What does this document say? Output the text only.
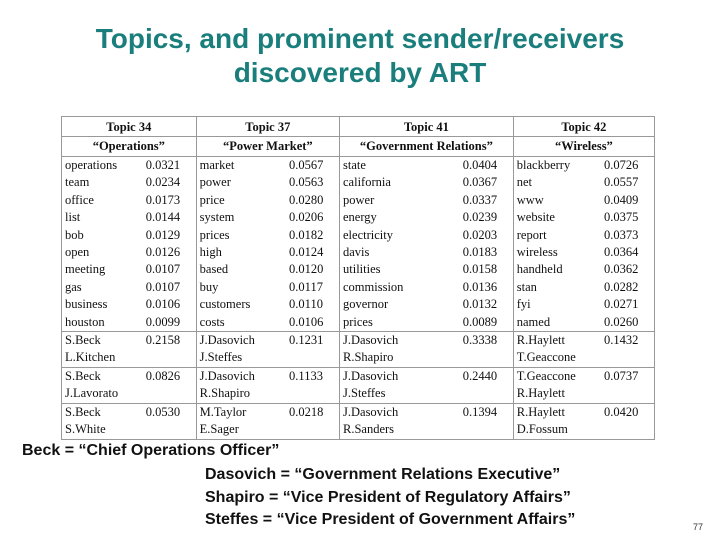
Topics, and prominent sender/receivers
discovered by ART
Topic 34		Topic 37		Topic 41		Topic 42	
“Operations”		“Power Market”		“Government Relations”		“Wireless”	
operations	0.0321	market	0.0567	state	0.0404	blackberry	0.0726
team	0.0234	power	0.0563	california	0.0367	net	0.0557
office	0.0173	price	0.0280	power	0.0337	www	0.0409
list	0.0144	system	0.0206	energy	0.0239	website	0.0375
bob	0.0129	prices	0.0182	electricity	0.0203	report	0.0373
open	0.0126	high	0.0124	davis	0.0183	wireless	0.0364
meeting	0.0107	based	0.0120	utilities	0.0158	handheld	0.0362
gas	0.0107	buy	0.0117	commission	0.0136	stan	0.0282
business	0.0106	customers	0.0110	governor	0.0132	fyi	0.0271
houston	0.0099	costs	0.0106	prices	0.0089	named	0.0260
S.Beck	0.2158	J.Dasovich	0.1231	J.Dasovich	0.3338	R.Haylett	0.1432
L.Kitchen		J.Steffes		R.Shapiro		T.Geaccone	
S.Beck	0.0826	J.Dasovich	0.1133	J.Dasovich	0.2440	T.Geaccone	0.0737
J.Lavorato		R.Shapiro		J.Steffes		R.Haylett	
S.Beck	0.0530	M.Taylor	0.0218	J.Dasovich	0.1394	R.Haylett	0.0420
S.White		E.Sager		R.Sanders		D.Fossum	
Beck = “Chief Operations Officer”
Dasovich = “Government Relations Executive”
Shapiro = “Vice President of Regulatory Affairs”
Steffes = “Vice President of Government Affairs”	77
